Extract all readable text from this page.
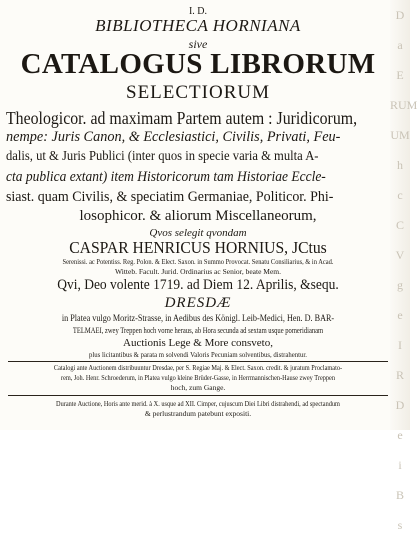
D
a
E
RUM
UM
h
c
C
V
g
e
I
R
D
e
i
B
s
I. D.
BIBLIOTHECA HORNIANA
sive
CATALOGUS LIBRORUM
SELECTIORUM
Theologicor. ad maximam Partem autem : Juridicorum,
nempe: Juris Canon, & Ecclesiastici, Civilis, Privati, Feu-
dalis, ut & Juris Publici (inter quos in specie varia & multa A-
cta publica extant) item Historicorum tam Historiae Eccle-
siast. quam Civilis, & speciatim Germaniae, Politicor. Phi-
losophicor. & aliorum Miscellaneorum,
Qvos selegit qvondam
CASPAR HENRICUS HORNIUS, JCtus
Serenissi. ac Potentiss. Reg. Polon. & Elect. Saxon. in Summo Provocat. Senatu Consiliarius, & in Acad.
Witteb. Facult. Jurid. Ordinarius ac Senior, beate Mem.
Qvi, Deo volente 1719. ad Diem 12. Aprilis, &sequ.
DRESDÆ
in Platea vulgo Moritz-Strasse, in Aedibus des Königl. Leib-Medici, Hen. D. BAR-
TELMAEI, zwey Treppen hoch vorne heraus, ab Hora secunda ad sextam usque pomeridianam
Auctionis Lege & More consveto,
plus licitantibus & parata m solvendi Valoris Pecuniam solventibus, distrahentur.
Catalogi ante Auctionem distribuuntur Dresdae, per S. Regiae Maj. & Elect. Saxon. credit. & juratum Proclamato-
rem, Joh. Henr. Schroederum, in Platea vulgo kleine Brüder-Gasse, in Herrmannischen-Hause zwey Treppen
hoch, zum Gange.
Durante Auctione, Horis ante merid. à X. usque ad XII. Cimper, cujuscum Diei Libri distrahendi, ad spectandum
& perlustrandum patebunt expositi.
